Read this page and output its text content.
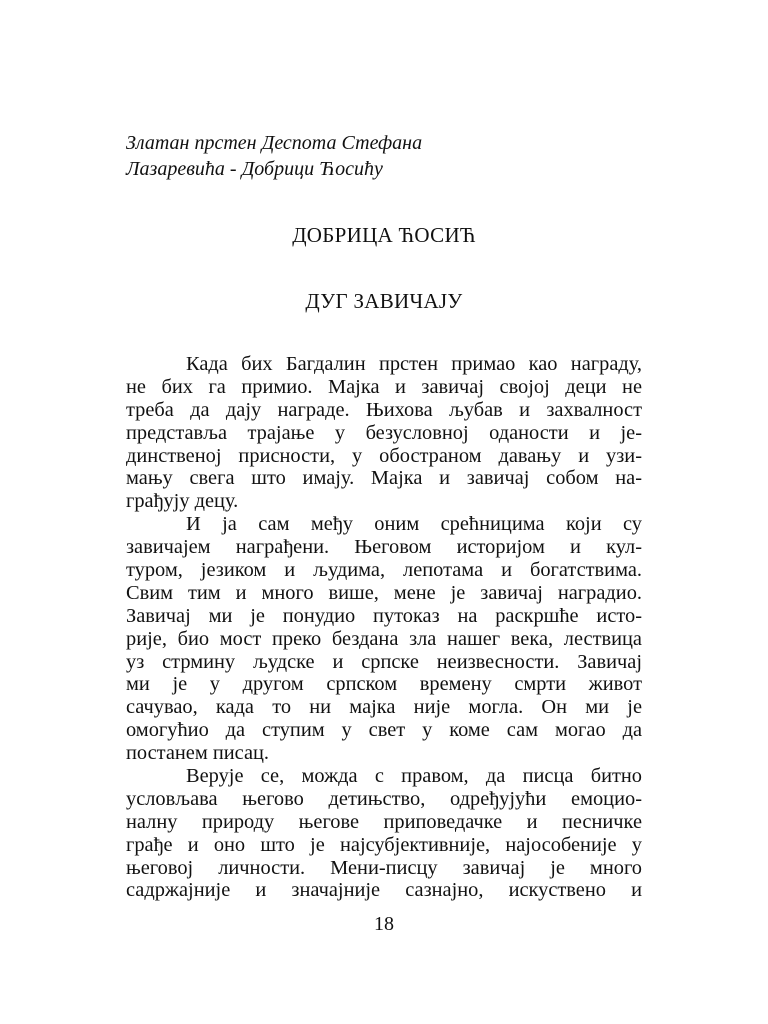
Златан прстен Деспота Стефана
Лазаревића - Добрици Ћосићу
ДОБРИЦА ЋОСИЋ
ДУГ ЗАВИЧАЈУ
Када бих Багдалин прстен примао као награду,
не бих га примио. Мајка и завичај својој деци не
треба да дају награде. Њихова љубав и захвалност
представља трајање у безусловној оданости и је-
динственој присности, у обостраном давању и узи-
мању свега што имају. Мајка и завичај собом на-
грађују децу.
И ја сам међу оним срећницима који су
завичајем награђени. Његовом историјом и кул-
туром, језиком и људима, лепотама и богатствима.
Свим тим и много више, мене је завичај наградио.
Завичај ми је понудио путоказ на раскршће исто-
рије, био мост преко бездана зла нашег века, лествица
уз стрмину људске и српске неизвесности. Завичај
ми је у другом српском времену смрти живот
сачувао, када то ни мајка није могла. Он ми је
омогућио да ступим у свет у коме сам могао да
постанем писац.
Верује се, можда с правом, да писца битно
условљава његово детињство, одређујући емоцио-
налну природу његове приповедачке и песничке
грађе и оно што је најсубјективније, најособеније у
његовој личности. Мени-писцу завичај је много
садржајније и значајније сазнајно, искуствено и
18
